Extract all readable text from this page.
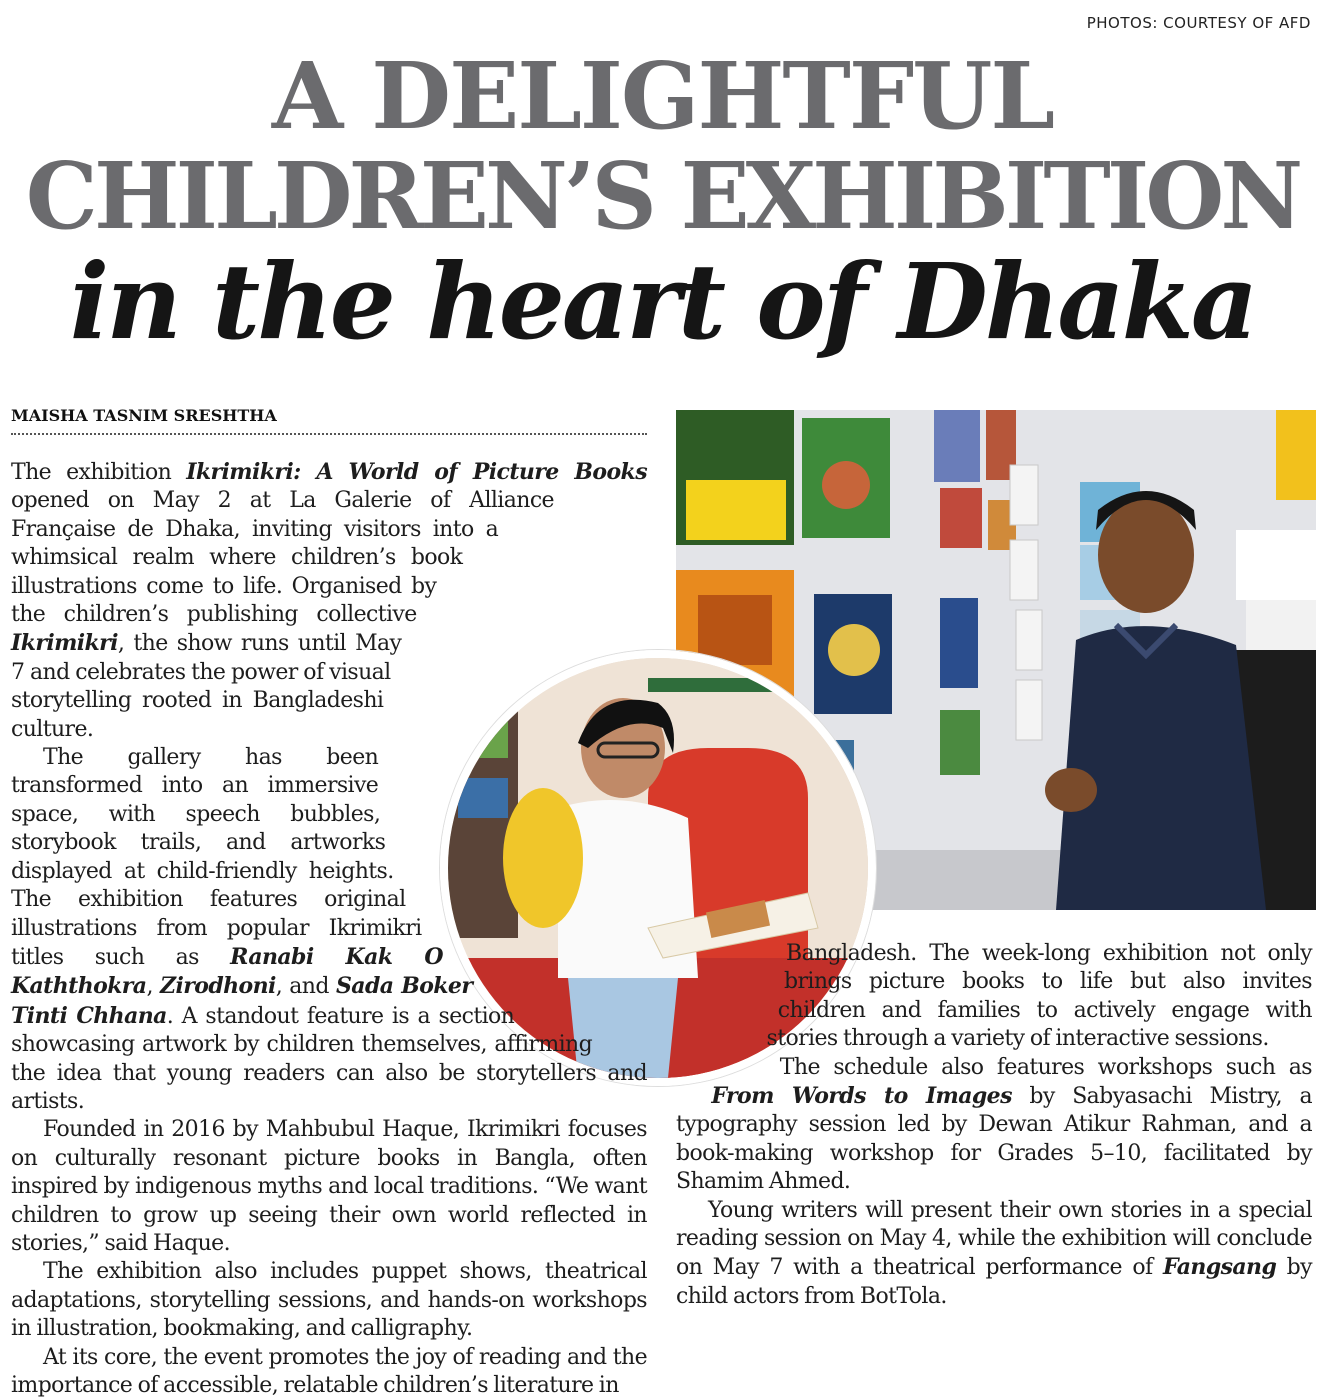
PHOTOS: COURTESY OF AFD
A DELIGHTFUL
CHILDREN’S EXHIBITION
in the heart of Dhaka
MAISHA TASNIM SRESHTHA

The exhibition Ikrimikri: A World of Picture Books opened on May 2 at La Galerie of Alliance Française de Dhaka, inviting visitors into a whimsical realm where children’s book illustrations come to life. Organised by the children’s publishing collective Ikrimikri, the show runs until May 7 and celebrates the power of visual storytelling rooted in Bangladeshi culture.

The gallery has been transformed into an immersive space, with speech bubbles, storybook trails, and artworks displayed at child-friendly heights. The exhibition features original illustrations from popular Ikrimikri titles such as Ranabi Kak O Kaththokra, Zirodhoni, and Sada Boker Tinti Chhana. A standout feature is a section showcasing artwork by children themselves, affirming the idea that young readers can also be storytellers and artists.

Founded in 2016 by Mahbubul Haque, Ikrimikri focuses on culturally resonant picture books in Bangla, often inspired by indigenous myths and local traditions. “We want children to grow up seeing their own world reflected in stories,” said Haque.

The exhibition also includes puppet shows, theatrical adaptations, storytelling sessions, and hands-on workshops in illustration, bookmaking, and calligraphy.

At its core, the event promotes the joy of reading and the importance of accessible, relatable children’s literature in

Bangladesh. The week-long exhibition not only brings picture books to life but also invites children and families to actively engage with stories through a variety of interactive sessions.

The schedule also features workshops such as From Words to Images by Sabyasachi Mistry, a typography session led by Dewan Atikur Rahman, and a book-making workshop for Grades 5–10, facilitated by Shamim Ahmed.

Young writers will present their own stories in a special reading session on May 4, while the exhibition will conclude on May 7 with a theatrical performance of Fangsang by child actors from BotTola.
